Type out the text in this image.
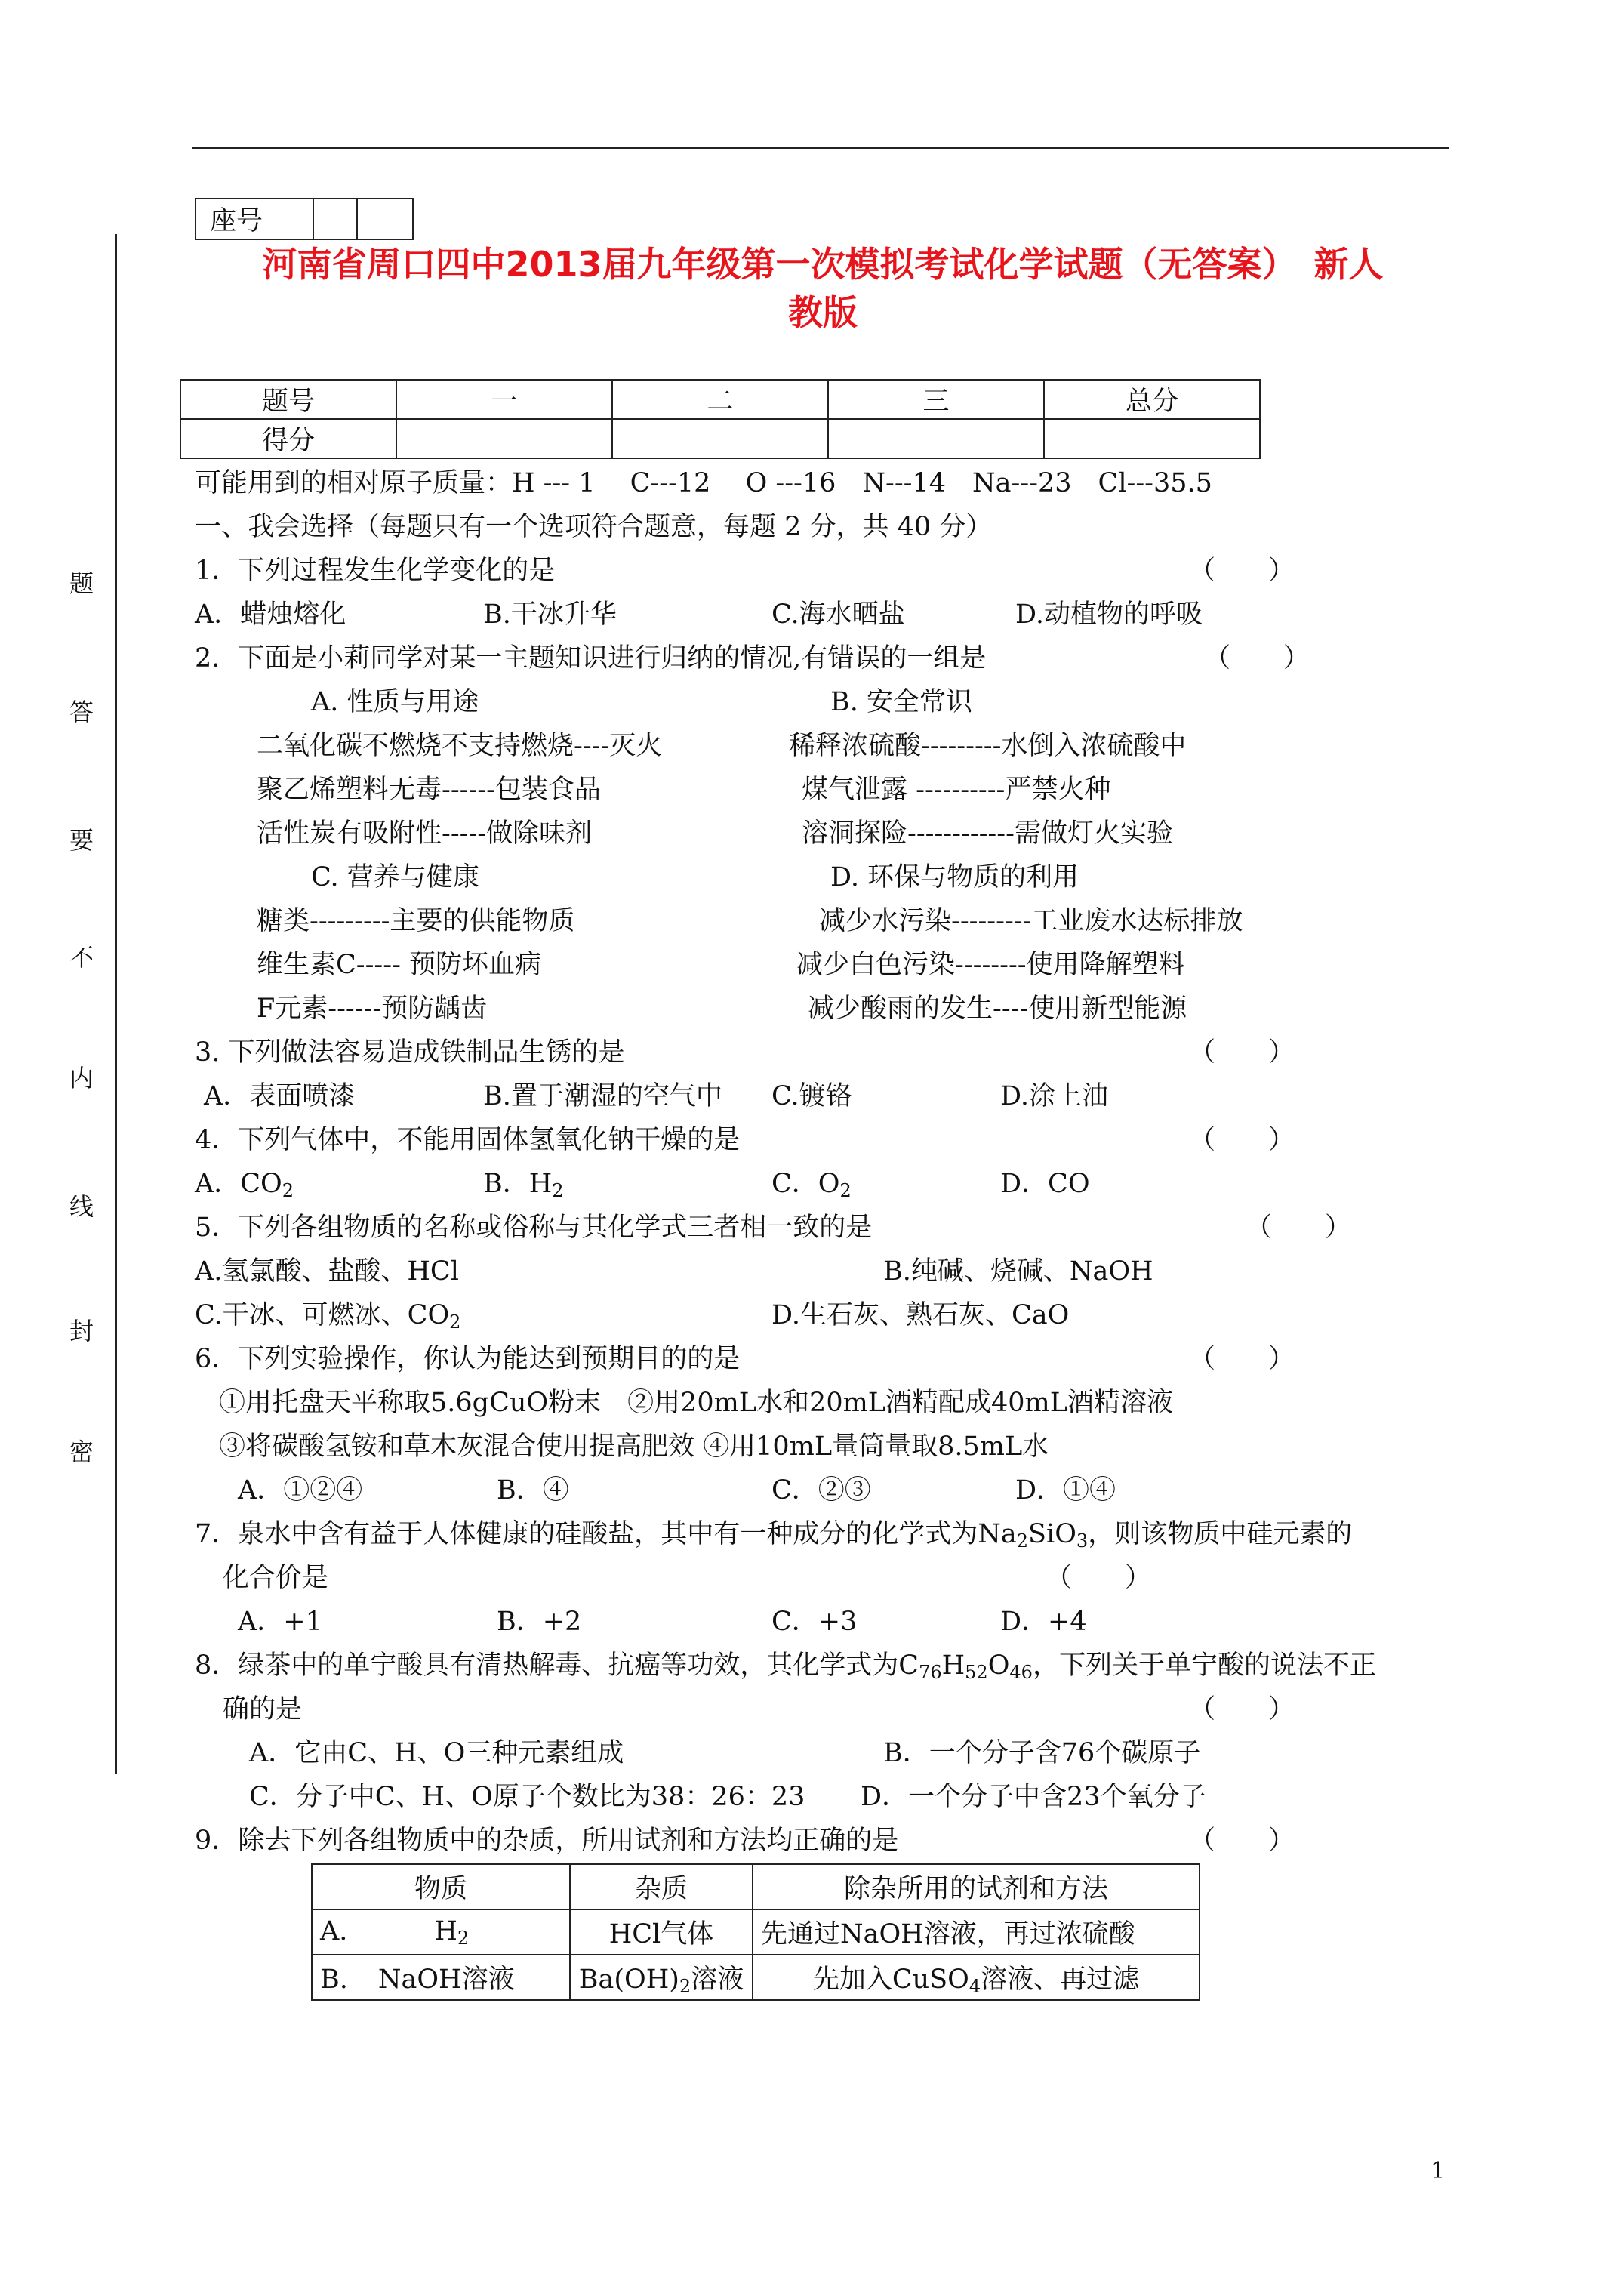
题
答
要
不
内
线
封
密
座号		
河南省周口四中2013届九年级第一次模拟考试化学试题（无答案）　新人
教版
题号	一	二	三	总分
得分				
可能用到的相对原子质量：H --- 1　 C---12　 O ---16　N---14　Na---23　Cl---35.5
一、我会选择（每题只有一个选项符合题意，每题 2 分，共 40 分）
1．下列过程发生化学变化的是	（　　）
A．蜡烛熔化	B.干冰升华	C.海水晒盐	D.动植物的呼吸
2．下面是小莉同学对某一主题知识进行归纳的情况,有错误的一组是	（　　）
A. 性质与用途	B. 安全常识
二氧化碳不燃烧不支持燃烧----灭火	稀释浓硫酸---------水倒入浓硫酸中
聚乙烯塑料无毒------包装食品	煤气泄露 ----------严禁火种
活性炭有吸附性-----做除味剂	溶洞探险------------需做灯火实验
C. 营养与健康	D. 环保与物质的利用
糖类---------主要的供能物质	减少水污染---------工业废水达标排放
维生素C----- 预防坏血病	减少白色污染--------使用降解塑料
F元素------预防龋齿	减少酸雨的发生----使用新型能源
3. 下列做法容易造成铁制品生锈的是	（　　）
A．表面喷漆	B.置于潮湿的空气中 C.镀铬	D.涂上油
4．下列气体中，不能用固体氢氧化钠干燥的是	（　　）
A．$CO_2$	B．$H_2$	C．$O_2$	D．CO
5．下列各组物质的名称或俗称与其化学式三者相一致的是	（　　）
A.氢氯酸、盐酸、HCl	B.纯碱、烧碱、NaOH
C.干冰、可燃冰、$CO_2$	D.生石灰、熟石灰、CaO
6．下列实验操作，你认为能达到预期目的的是	（　　）
①用托盘天平称取5.6gCuO粉末　②用20mL水和20mL酒精配成40mL酒精溶液
③将碳酸氢铵和草木灰混合使用提高肥效 ④用10mL量筒量取8.5mL水
A．①②④	B．④	C．②③	D．①④
7．泉水中含有益于人体健康的硅酸盐，其中有一种成分的化学式为$Na_2SiO_3$，则该物质中硅元素的
化合价是	（　　）
A．+1	B．+2	C．+3	D．+4
8．绿茶中的单宁酸具有清热解毒、抗癌等功效，其化学式为$C_{76}H_{52}O_{46}$，下列关于单宁酸的说法不正
确的是	（　　）
A．它由C、H、O三种元素组成	B．一个分子含76个碳原子
C．分子中C、H、O原子个数比为38：26：23 D．一个分子中含23个氧分子
9．除去下列各组物质中的杂质，所用试剂和方法均正确的是	（　　）
物质	杂质	除杂所用的试剂和方法
A. $H_2$	HCl气体	先通过NaOH溶液，再过浓硫酸
B. NaOH溶液	$Ba(OH)_2$溶液	先加入CuSO$_4$溶液、再过滤
1
